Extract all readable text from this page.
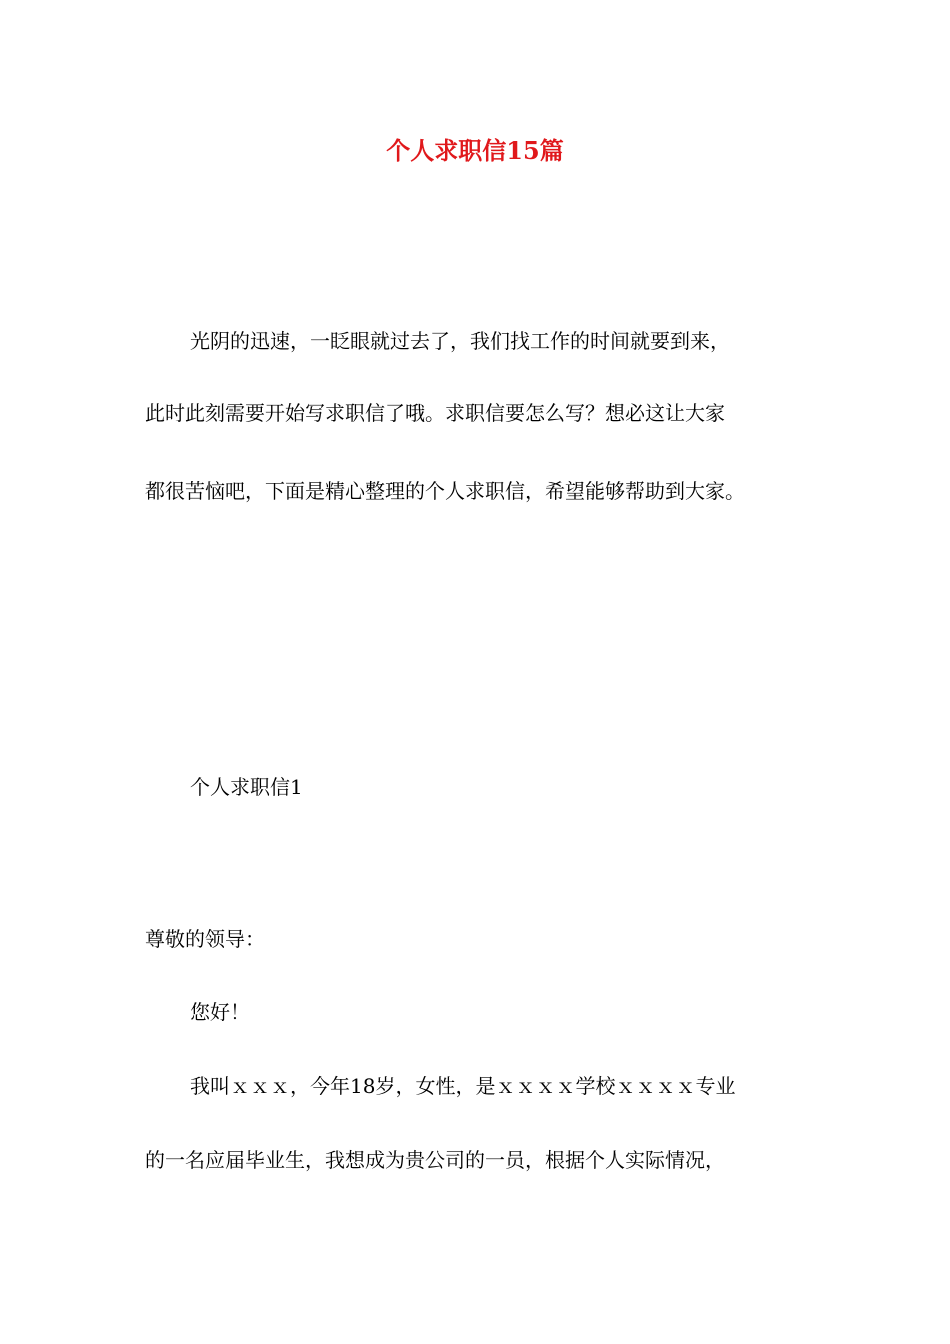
个人求职信15篇
光阴的迅速，一眨眼就过去了，我们找工作的时间就要到来，
此时此刻需要开始写求职信了哦。求职信要怎么写？想必这让大家
都很苦恼吧，下面是精心整理的个人求职信，希望能够帮助到大家。
个人求职信1
尊敬的领导：
您好！
我叫ｘｘｘ，今年18岁，女性，是ｘｘｘｘ学校ｘｘｘｘ专业
的一名应届毕业生，我想成为贵公司的一员，根据个人实际情况，
